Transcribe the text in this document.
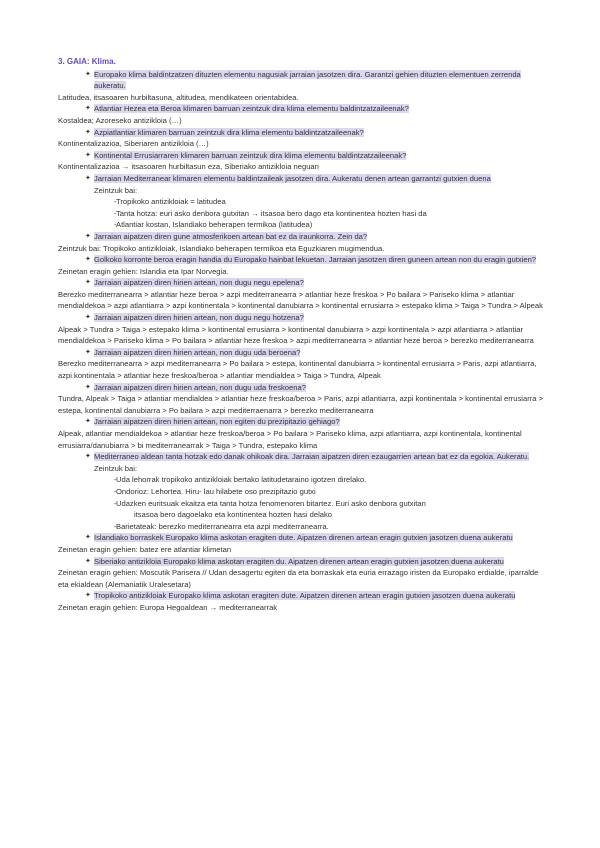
3. GAIA: Klima.
✦ Europako klima baldintzatzen dituzten elementu nagusiak jarraian jasotzen dira. Garantzi gehien dituzten elementuen zerrenda aukeratu.
Latitudea, itsasoaren hurbiltasuna, altitudea, mendikateen orientabidea.
✦ Atlantiar Hezea eta Beroa klimaren barruan zeintzuk dira klima elementu baldintzatzaileenak?
Kostaldea; Azoreseko antizikloia (…)
✦ Azpiatlantiar klimaren barruan zeintzuk dira klima elementu baldintzatzaileenak?
Kontinentalizazioa, Siberiaren antizikloia (…)
✦ Kontinental Errusiarraren klimaren barruan zeintzuk dira klima elementu baldintzatzaileenak?
Kontinentalizazioa → itsasoaren hurbiltasun eza, Siberiako antizikloia neguan
✦ Jarraian Mediterranear klimaren elementu baldintzaileak jasotzen dira. Aukeratu denen artean garrantzi gutxien duena
Zeintzuk bai:
- Tropikoko antizikloiak = latitudea
- Tanta hotza: euri asko denbora gutxitan → itsasoa bero dago eta kontinentea hozten hasi da
- Atlantiar kostan, Islandiako beherapen termikoa (latitudea)
✦ Jarraian aipatzen diren gune atmosferikoen artean bat ez da iraunkorra. Zein da?
Zeintzuk bai: Tropikoko antizikloiak, Islandiako beherapen termikoa eta Eguzkiaren mugimendua.
✦ Golkoko korronte beroa eragin handia du Europako hainbat lekuetan. Jarraian jasotzen diren guneen artean non du eragin gutxien?
Zeinetan eragin gehien: Islandia eta Ipar Norvegia.
✦ Jarraian aipatzen diren hirien artean, non dugu negu epelena?
Berezko mediterranearra > atlantiar heze beroa > azpi mediterranearra > atlantiar heze freskoa > Po bailara > Pariseko klima > atlantiar mendialdekoa > azpi atlantiarra > azpi kontinentala > kontinental danubiarra > kontinental errusiarra > estepako klima > Taiga > Tundra > Alpeak
✦ Jarraian aipatzen diren hirien artean, non dugu negu hotzena?
Alpeak > Tundra > Taiga > estepako klima > kontinental errusiarra > kontinental danubiarra > azpi kontinentala > azpi atlantiarra > atlantiar mendialdekoa > Pariseko klima > Po bailara > atlantiar heze freskoa > azpi mediterranearra > atlantiar heze beroa > berezko mediterranearra
✦ Jarraian aipatzen diren hirien artean, non dugu uda beroena?
Berezko mediterranearra > azpi mediterranearra > Po bailara > estepa, kontinental danubiarra > kontinental errusiarra > Paris, azpi atlantiarra, azpi kontinentala > atlantiar heze freskoa/beroa > atlantiar mendialdea > Taiga > Tundra, Alpeak
✦ Jarraian aipatzen diren hirien artean, non dugu uda freskoena?
Tundra, Alpeak > Taiga > atlantiar mendialdea > atlantiar heze freskoa/beroa > Paris, azpi atlantiarra, azpi kontinentala > kontinental errusiarra > estepa, kontinental danubiarra > Po bailara > azpi mediterraenarra > berezko mediterranearra
✦ Jarraian aipatzen diren hirien artean, non egiten du prezipitazio gehiago?
Alpeak, atlantiar mendialdekoa > atlantiar heze freskoa/beroa > Po bailara > Pariseko klima, azpi atlantiarra, azpi kontinentala, kontinental errusiarra/danubiarra > bi mediterranearrak > Taiga > Tundra, estepako klima
✦ Mediterraneo aldean tanta hotzak edo danak ohikoak dira. Jarraian aipatzen diren ezaugarrien artean bat ez da egokia. Aukeratu.
Zeintzuk bai:
- Uda lehorrak tropikoko antizikloiak bertako latitudetaraino igotzen direlako.
- Ondorioz: Lehortea. Hiru- lau hilabete oso prezipitazio gutxi
- Udazken euritsuak ekaitza eta tanta hotza fenomenoren bitartez. Euri asko denbora gutxitan
itsasoa bero dagoelako eta kontinentea hozten hasi delako
- Barietateak: berezko mediterranearra eta azpi mediterranearra.
✦ Islandiako borraskek Europako klima askotan eragiten dute. Aipatzen direnen artean eragin gutxien jasotzen duena aukeratu
Zeinetan eragin gehien: batez ere atlantiar klimetan
✦ Siberiako antizikloia Europako klima askotan eragiten du. Aipatzen direnen artean eragin gutxien jasotzen duena aukeratu
Zeinetan eragin gehien: Moscutik Parisera // Udan desagertu egiten da eta borraskak eta euria errazago iristen da Europako erdialde, iparralde eta ekialdean (Alemaniatik Uralesetara)
✦ Tropikoko antizikloiak Europako klima askotan eragiten dute. Aipatzen direnen artean eragin gutxien jasotzen duena aukeratu
Zeinetan eragin gehien: Europa Hegoaldean → mediterranearrak
